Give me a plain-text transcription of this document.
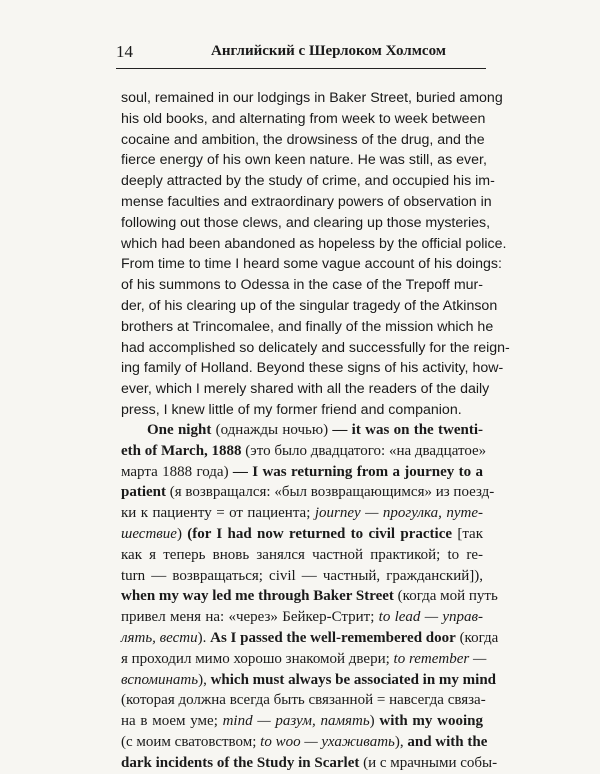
14	Английский с Шерлоком Холмсом
soul, remained in our lodgings in Baker Street, buried among
his old books, and alternating from week to week between
cocaine and ambition, the drowsiness of the drug, and the
fierce energy of his own keen nature. He was still, as ever,
deeply attracted by the study of crime, and occupied his im-
mense faculties and extraordinary powers of observation in
following out those clews, and clearing up those mysteries,
which had been abandoned as hopeless by the official police.
From time to time I heard some vague account of his doings:
of his summons to Odessa in the case of the Trepoff mur-
der, of his clearing up of the singular tragedy of the Atkinson
brothers at Trincomalee, and finally of the mission which he
had accomplished so delicately and successfully for the reign-
ing family of Holland. Beyond these signs of his activity, how-
ever, which I merely shared with all the readers of the daily
press, I knew little of my former friend and companion.
One night (однажды ночью) — it was on the twenti-
eth of March, 1888 (это было двадцатого: «на двадцатое»
марта 1888 года) — I was returning from a journey to a
patient (я возвращался: «был возвращающимся» из поезд-
ки к пациенту = от пациента; journey — прогулка, путе-
шествие) (for I had now returned to civil practice [так
как я теперь вновь занялся частной практикой; to re-
turn — возвращаться; civil — частный, гражданский]),
when my way led me through Baker Street (когда мой путь
привел меня на: «через» Бейкер-Стрит; to lead — управ-
лять, вести). As I passed the well-remembered door (когда
я проходил мимо хорошо знакомой двери; to remember —
вспоминать), which must always be associated in my mind
(которая должна всегда быть связанной = навсегда связа-
на в моем уме; mind — разум, память) with my wooing
(с моим сватовством; to woo — ухаживать), and with the
dark incidents of the Study in Scarlet (и с мрачными собы-
